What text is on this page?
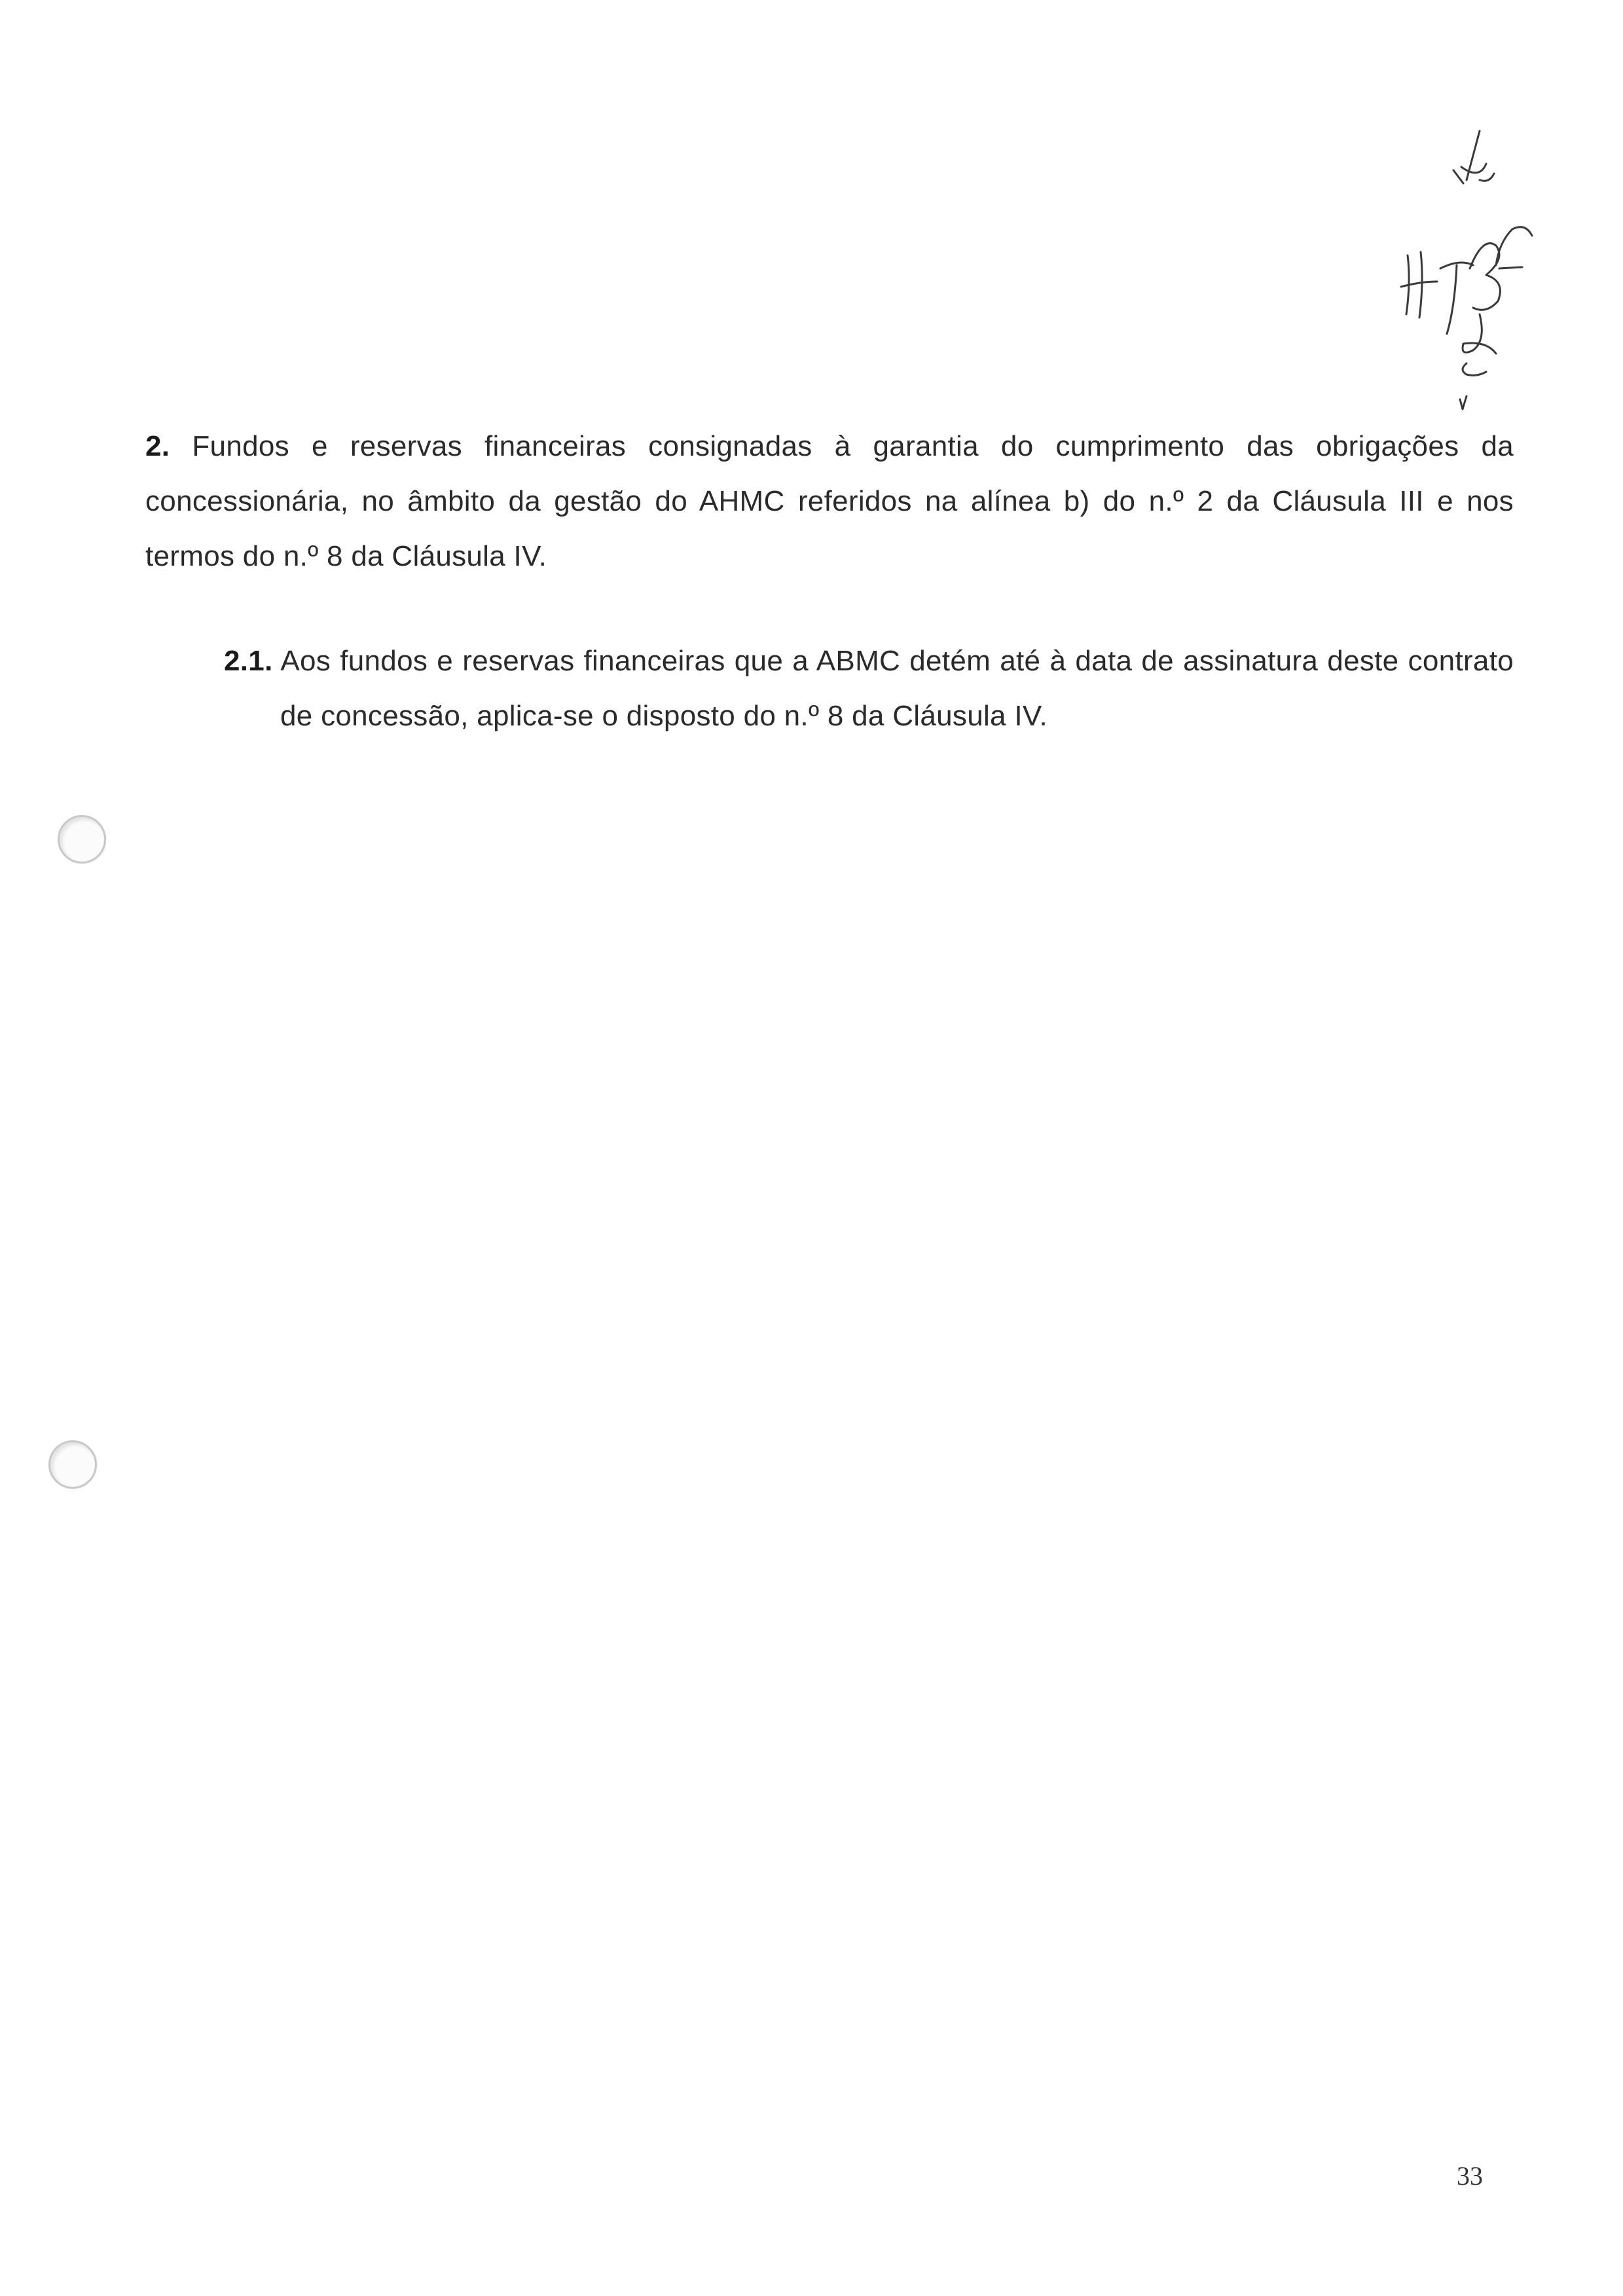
2. Fundos e reservas financeiras consignadas à garantia do cumprimento das obrigações da concessionária, no âmbito da gestão do AHMC referidos na alínea b) do n.º 2 da Cláusula III e nos termos do n.º 8 da Cláusula IV.

2.1. Aos fundos e reservas financeiras que a ABMC detém até à data de assinatura deste contrato de concessão, aplica-se o disposto do n.º 8 da Cláusula IV.

33
